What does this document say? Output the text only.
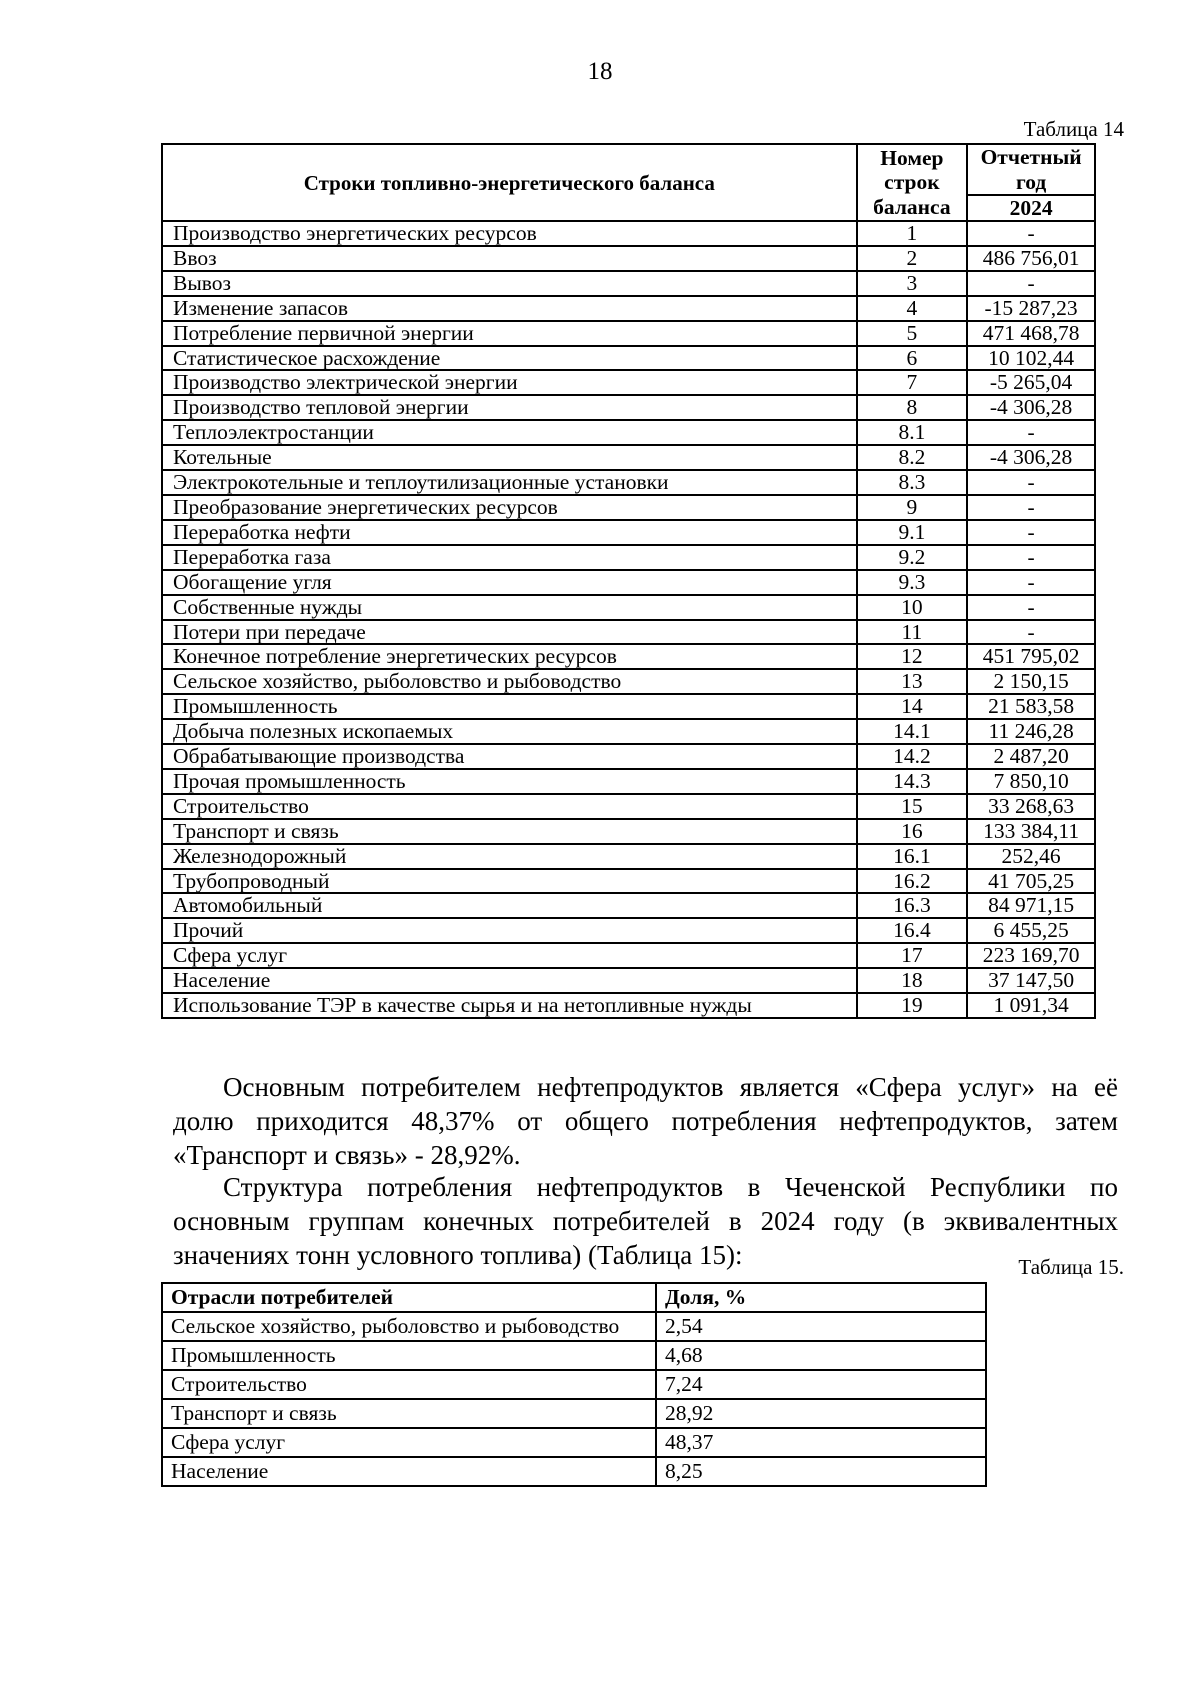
18
Таблица 14
Строки топливно-энергетического баланса	Номер строк баланса	Отчетный год
		2024
Производство энергетических ресурсов	1	-
Ввоз	2	486 756,01
Вывоз	3	-
Изменение запасов	4	-15 287,23
Потребление первичной энергии	5	471 468,78
Статистическое расхождение	6	10 102,44
Производство электрической энергии	7	-5 265,04
Производство тепловой энергии	8	-4 306,28
Теплоэлектростанции	8.1	-
Котельные	8.2	-4 306,28
Электрокотельные и теплоутилизационные установки	8.3	-
Преобразование энергетических ресурсов	9	-
Переработка нефти	9.1	-
Переработка газа	9.2	-
Обогащение угля	9.3	-
Собственные нужды	10	-
Потери при передаче	11	-
Конечное потребление энергетических ресурсов	12	451 795,02
Сельское хозяйство, рыболовство и рыбоводство	13	2 150,15
Промышленность	14	21 583,58
Добыча полезных ископаемых	14.1	11 246,28
Обрабатывающие производства	14.2	2 487,20
Прочая промышленность	14.3	7 850,10
Строительство	15	33 268,63
Транспорт и связь	16	133 384,11
Железнодорожный	16.1	252,46
Трубопроводный	16.2	41 705,25
Автомобильный	16.3	84 971,15
Прочий	16.4	6 455,25
Сфера услуг	17	223 169,70
Население	18	37 147,50
Использование ТЭР в качестве сырья и на нетопливные нужды	19	1 091,34
Основным потребителем нефтепродуктов является «Сфера услуг» на её долю приходится 48,37% от общего потребления нефтепродуктов, затем «Транспорт и связь» - 28,92%.
Структура потребления нефтепродуктов в Чеченской Республики по основным группам конечных потребителей в 2024 году (в эквивалентных значениях тонн условного топлива) (Таблица 15):	Таблица 15.
Отрасли потребителей	Доля, %
Сельское хозяйство, рыболовство и рыбоводство	2,54
Промышленность	4,68
Строительство	7,24
Транспорт и связь	28,92
Сфера услуг	48,37
Население	8,25
